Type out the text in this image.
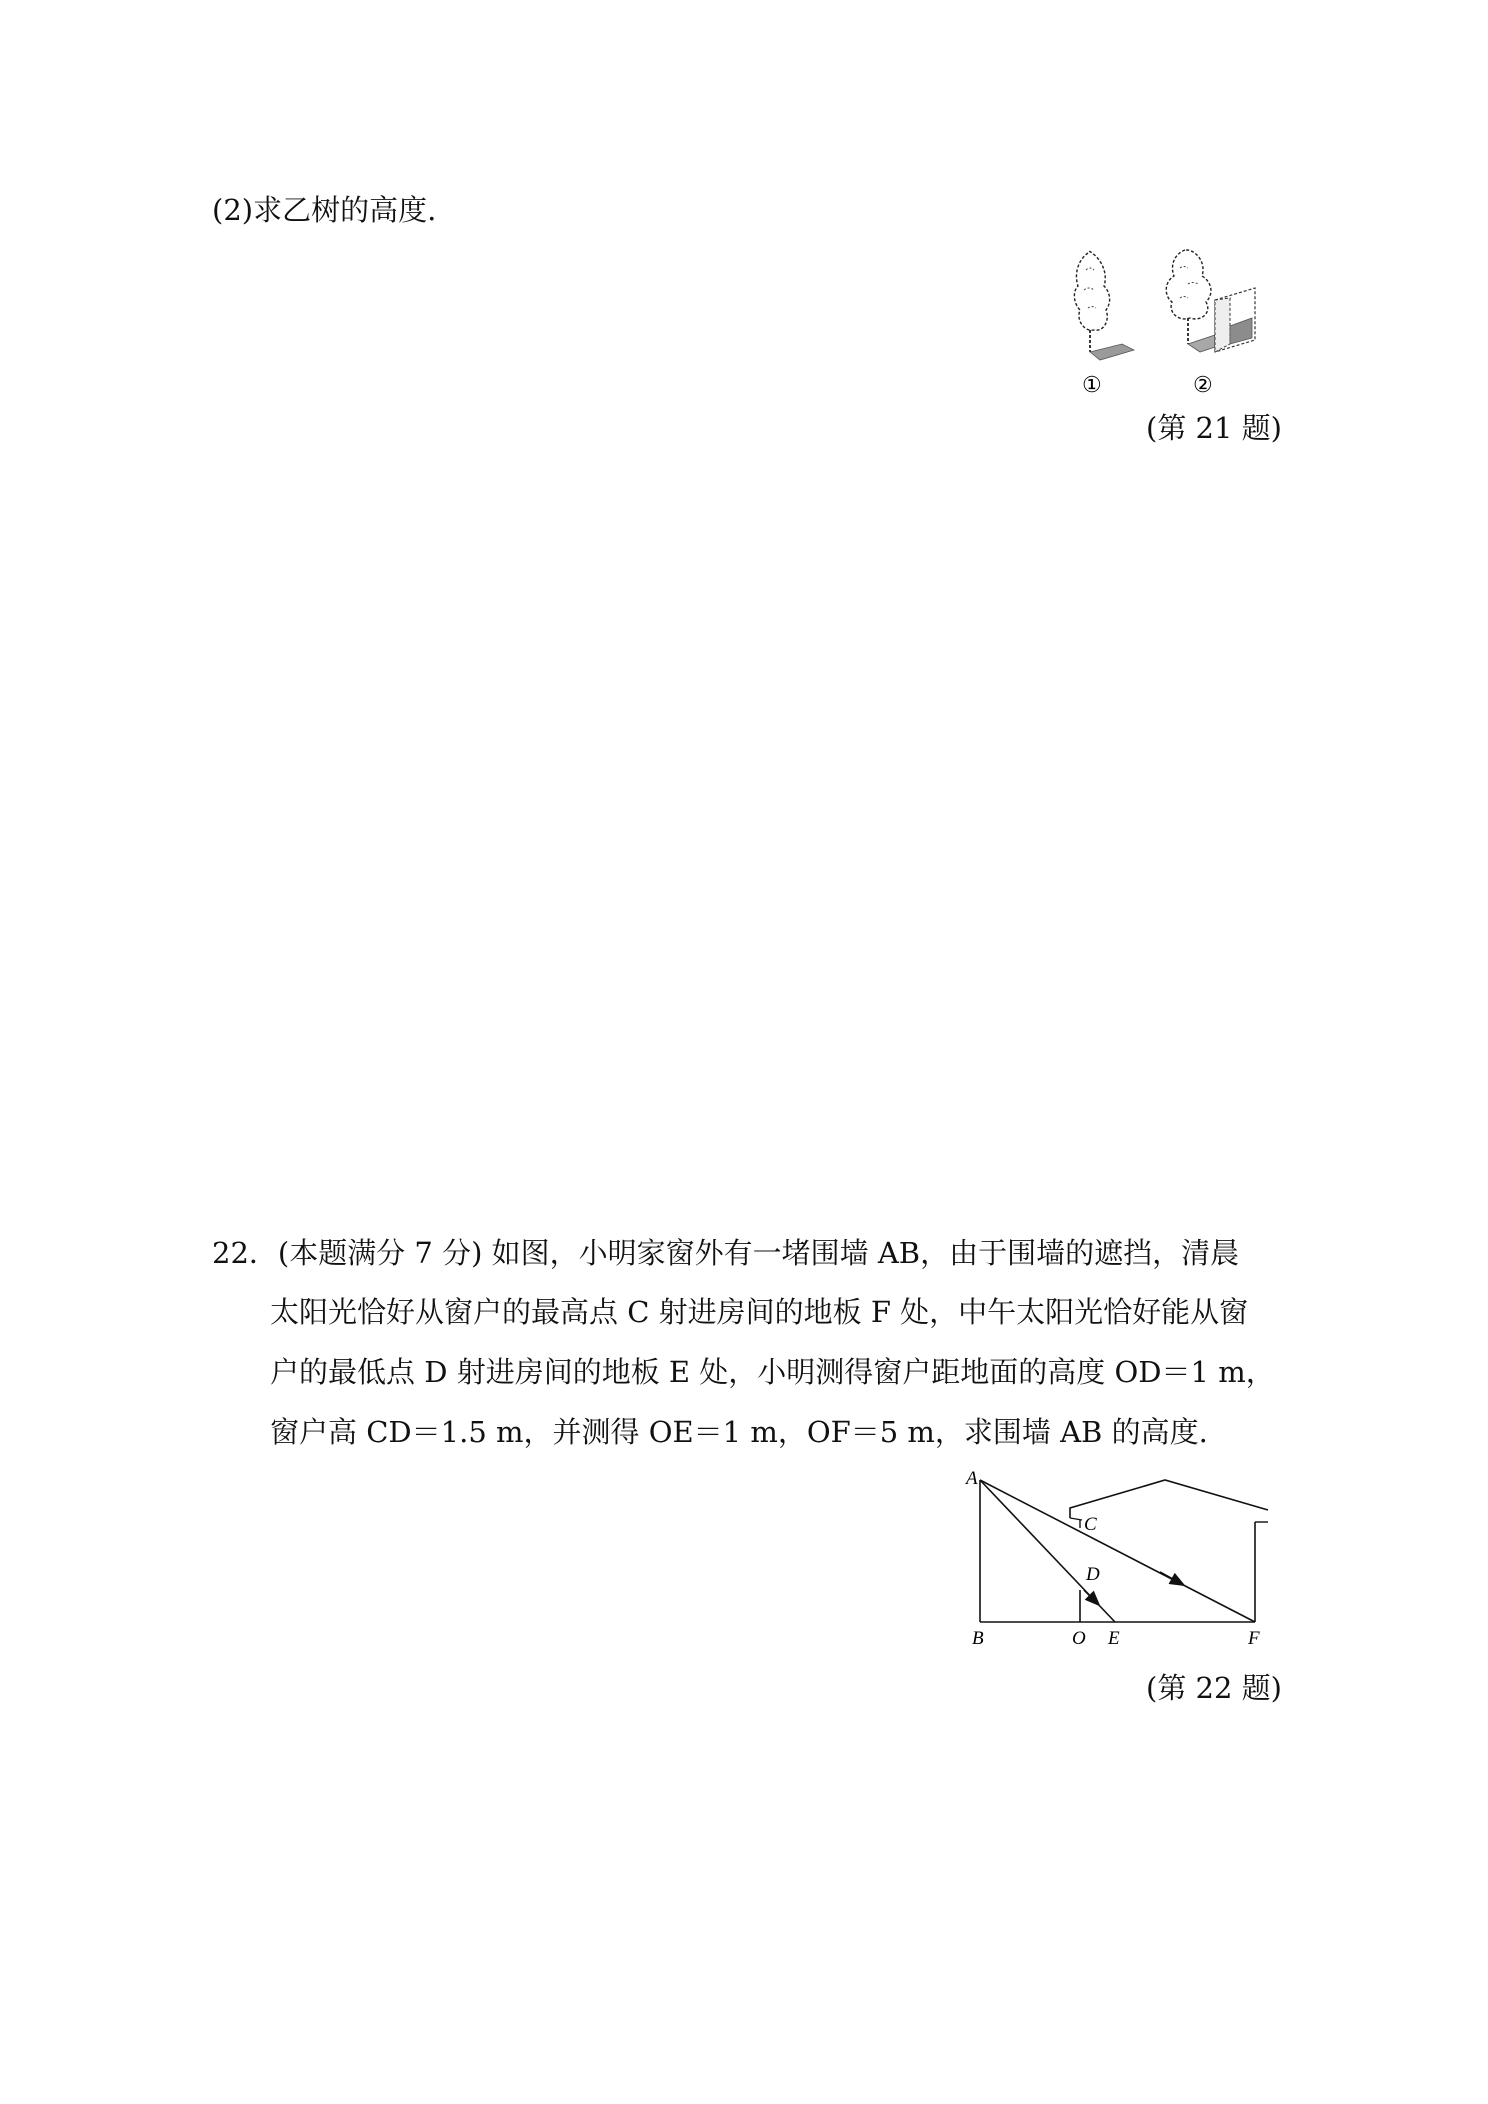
(2)求乙树的高度.
①	②
(第 21 题)
22．(本题满分 7 分) 如图，小明家窗外有一堵围墙 AB，由于围墙的遮挡，清晨
太阳光恰好从窗户的最高点 C 射进房间的地板 F 处，中午太阳光恰好能从窗
户的最低点 D 射进房间的地板 E 处，小明测得窗户距地面的高度 OD＝1 m，
窗户高 CD＝1.5 m，并测得 OE＝1 m，OF＝5 m，求围墙 AB 的高度.
A
B
C
D
O E	F
(第 22 题)
